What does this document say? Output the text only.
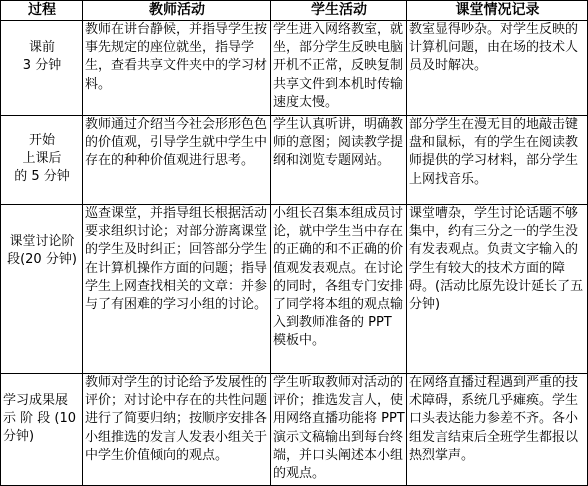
过程	教师活动	学生活动	课堂情况记录

课前
3 分钟	教师在讲台静候，并指导学生按事先规定的座位就坐，指导学生，查看共享文件夹中的学习材料。	学生进入网络教室，就坐，部分学生反映电脑开机不正常，反映复制共享文件到本机时传输速度太慢。	教室显得吵杂。对学生反映的计算机问题，由在场的技术人员及时解决。

开始
上课后
的 5 分钟	教师通过介绍当今社会形形色色的价值观，引导学生就中学生中存在的种种价值观进行思考。	学生认真听讲，明确教师的意图；阅读教学提纲和浏览专题网站。	部分学生在漫无目的地敲击键盘和鼠标，有的学生在阅读教师提供的学习材料，部分学生上网找音乐。

课堂讨论阶
段(20 分钟)	巡查课堂，并指导组长根据活动要求组织讨论；对部分游离课堂的学生及时纠正；回答部分学生在计算机操作方面的问题；指导学生上网查找相关的文章：并参与了有困难的学习小组的讨论。	小组长召集本组成员讨论，就中学生当中存在的正确的和不正确的价值观发表观点。在讨论的同时，各组专门安排了同学将本组的观点输入到教师准备的 PPT 模板中。	课堂嘈杂，学生讨论话题不够集中，约有三分之一的学生没有发表观点。负责文字输入的学生有较大的技术方面的障碍。(活动比原先设计延长了五分钟)

学习成果展
示 阶 段 (10
分钟)	教师对学生的讨论给予发展性的评价；对讨论中存在的共性问题进行了简要归纳；按顺序安排各小组推选的发言人发表小组关于中学生价值倾向的观点。	学生听取教师对活动的评价；推选发言人，使用网络直播功能将 PPT 演示文稿输出到每台终端，并口头阐述本小组的观点。	在网络直播过程遇到严重的技术障碍，系统几乎瘫痪。学生口头表达能力参差不齐。各小组发言结束后全班学生都报以热烈掌声。
